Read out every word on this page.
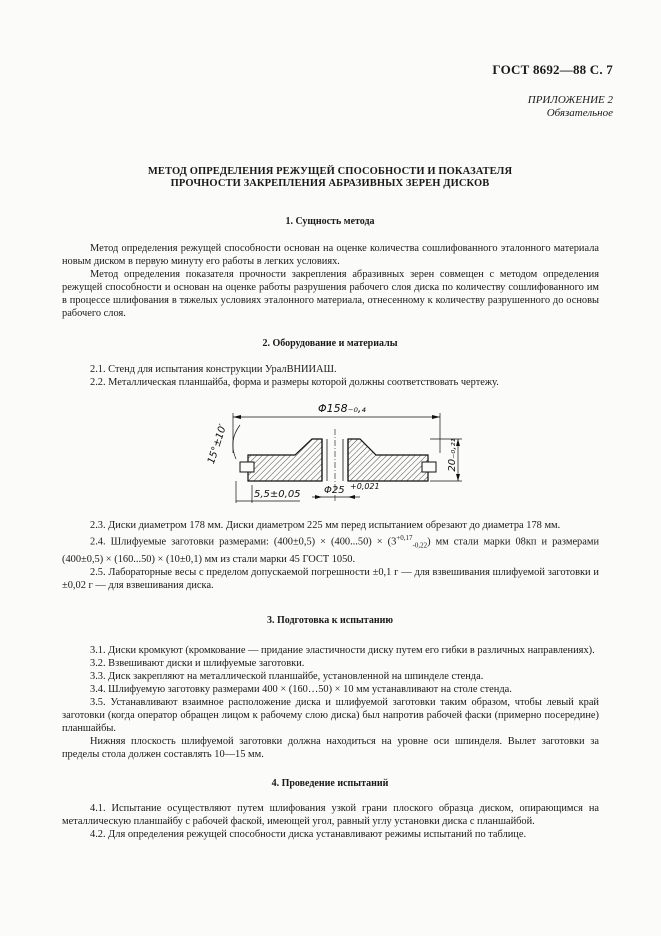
ГОСТ 8692—88 С. 7
ПРИЛОЖЕНИЕ 2
Обязательное
МЕТОД ОПРЕДЕЛЕНИЯ РЕЖУЩЕЙ СПОСОБНОСТИ И ПОКАЗАТЕЛЯ
ПРОЧНОСТИ ЗАКРЕПЛЕНИЯ АБРАЗИВНЫХ ЗЕРЕН ДИСКОВ
1. Сущность метода

Метод определения режущей способности основан на оценке количества сошлифованного эталонного материала новым диском в первую минуту его работы в легких условиях.

Метод определения показателя прочности закрепления абразивных зерен совмещен с методом определения режущей способности и основан на оценке работы разрушения рабочего слоя диска по количеству сошлифованного им в процессе шлифования в тяжелых условиях эталонного материала, отнесенному к количеству разрушенного до основы рабочего слоя.

2. Оборудование и материалы

2.1. Стенд для испытания конструкции УралВНИИАШ.

2.2. Металлическая планшайба, форма и размеры которой должны соответствовать чертежу.

Φ158₋₀,₄
20₋₀,₂₁
15°±10′
5,5±0,05 Φ25 +0,021

2.3. Диски диаметром 178 мм. Диски диаметром 225 мм перед испытанием обрезают до диаметра 178 мм.

2.4. Шлифуемые заготовки размерами: $(400\pm 0,5) \times (400...50) \times (3^{+0,17}_{-0,22})$ мм стали марки 08кп и размерами (400±0,5) × (160...50) × (10±0,1) мм из стали марки 45 ГОСТ 1050.

2.5. Лабораторные весы с пределом допускаемой погрешности ±0,1 г — для взвешивания шлифуемой заготовки и ±0,02 г — для взвешивания диска.

3. Подготовка к испытанию

3.1. Диски кромкуют (кромкование — придание эластичности диску путем его гибки в различных направлениях).

3.2. Взвешивают диски и шлифуемые заготовки.

3.3. Диск закрепляют на металлической планшайбе, установленной на шпинделе стенда.

3.4. Шлифуемую заготовку размерами 400 × (160…50) × 10 мм устанавливают на столе стенда.

3.5. Устанавливают взаимное расположение диска и шлифуемой заготовки таким образом, чтобы левый край заготовки (когда оператор обращен лицом к рабочему слою диска) был напротив рабочей фаски (примерно посередине) планшайбы.

Нижняя плоскость шлифуемой заготовки должна находиться на уровне оси шпинделя. Вылет заготовки за пределы стола должен составлять 10—15 мм.

4. Проведение испытаний

4.1. Испытание осуществляют путем шлифования узкой грани плоского образца диском, опирающимся на металлическую планшайбу с рабочей фаской, имеющей угол, равный углу установки диска с планшайбой.

4.2. Для определения режущей способности диска устанавливают режимы испытаний по таблице.
